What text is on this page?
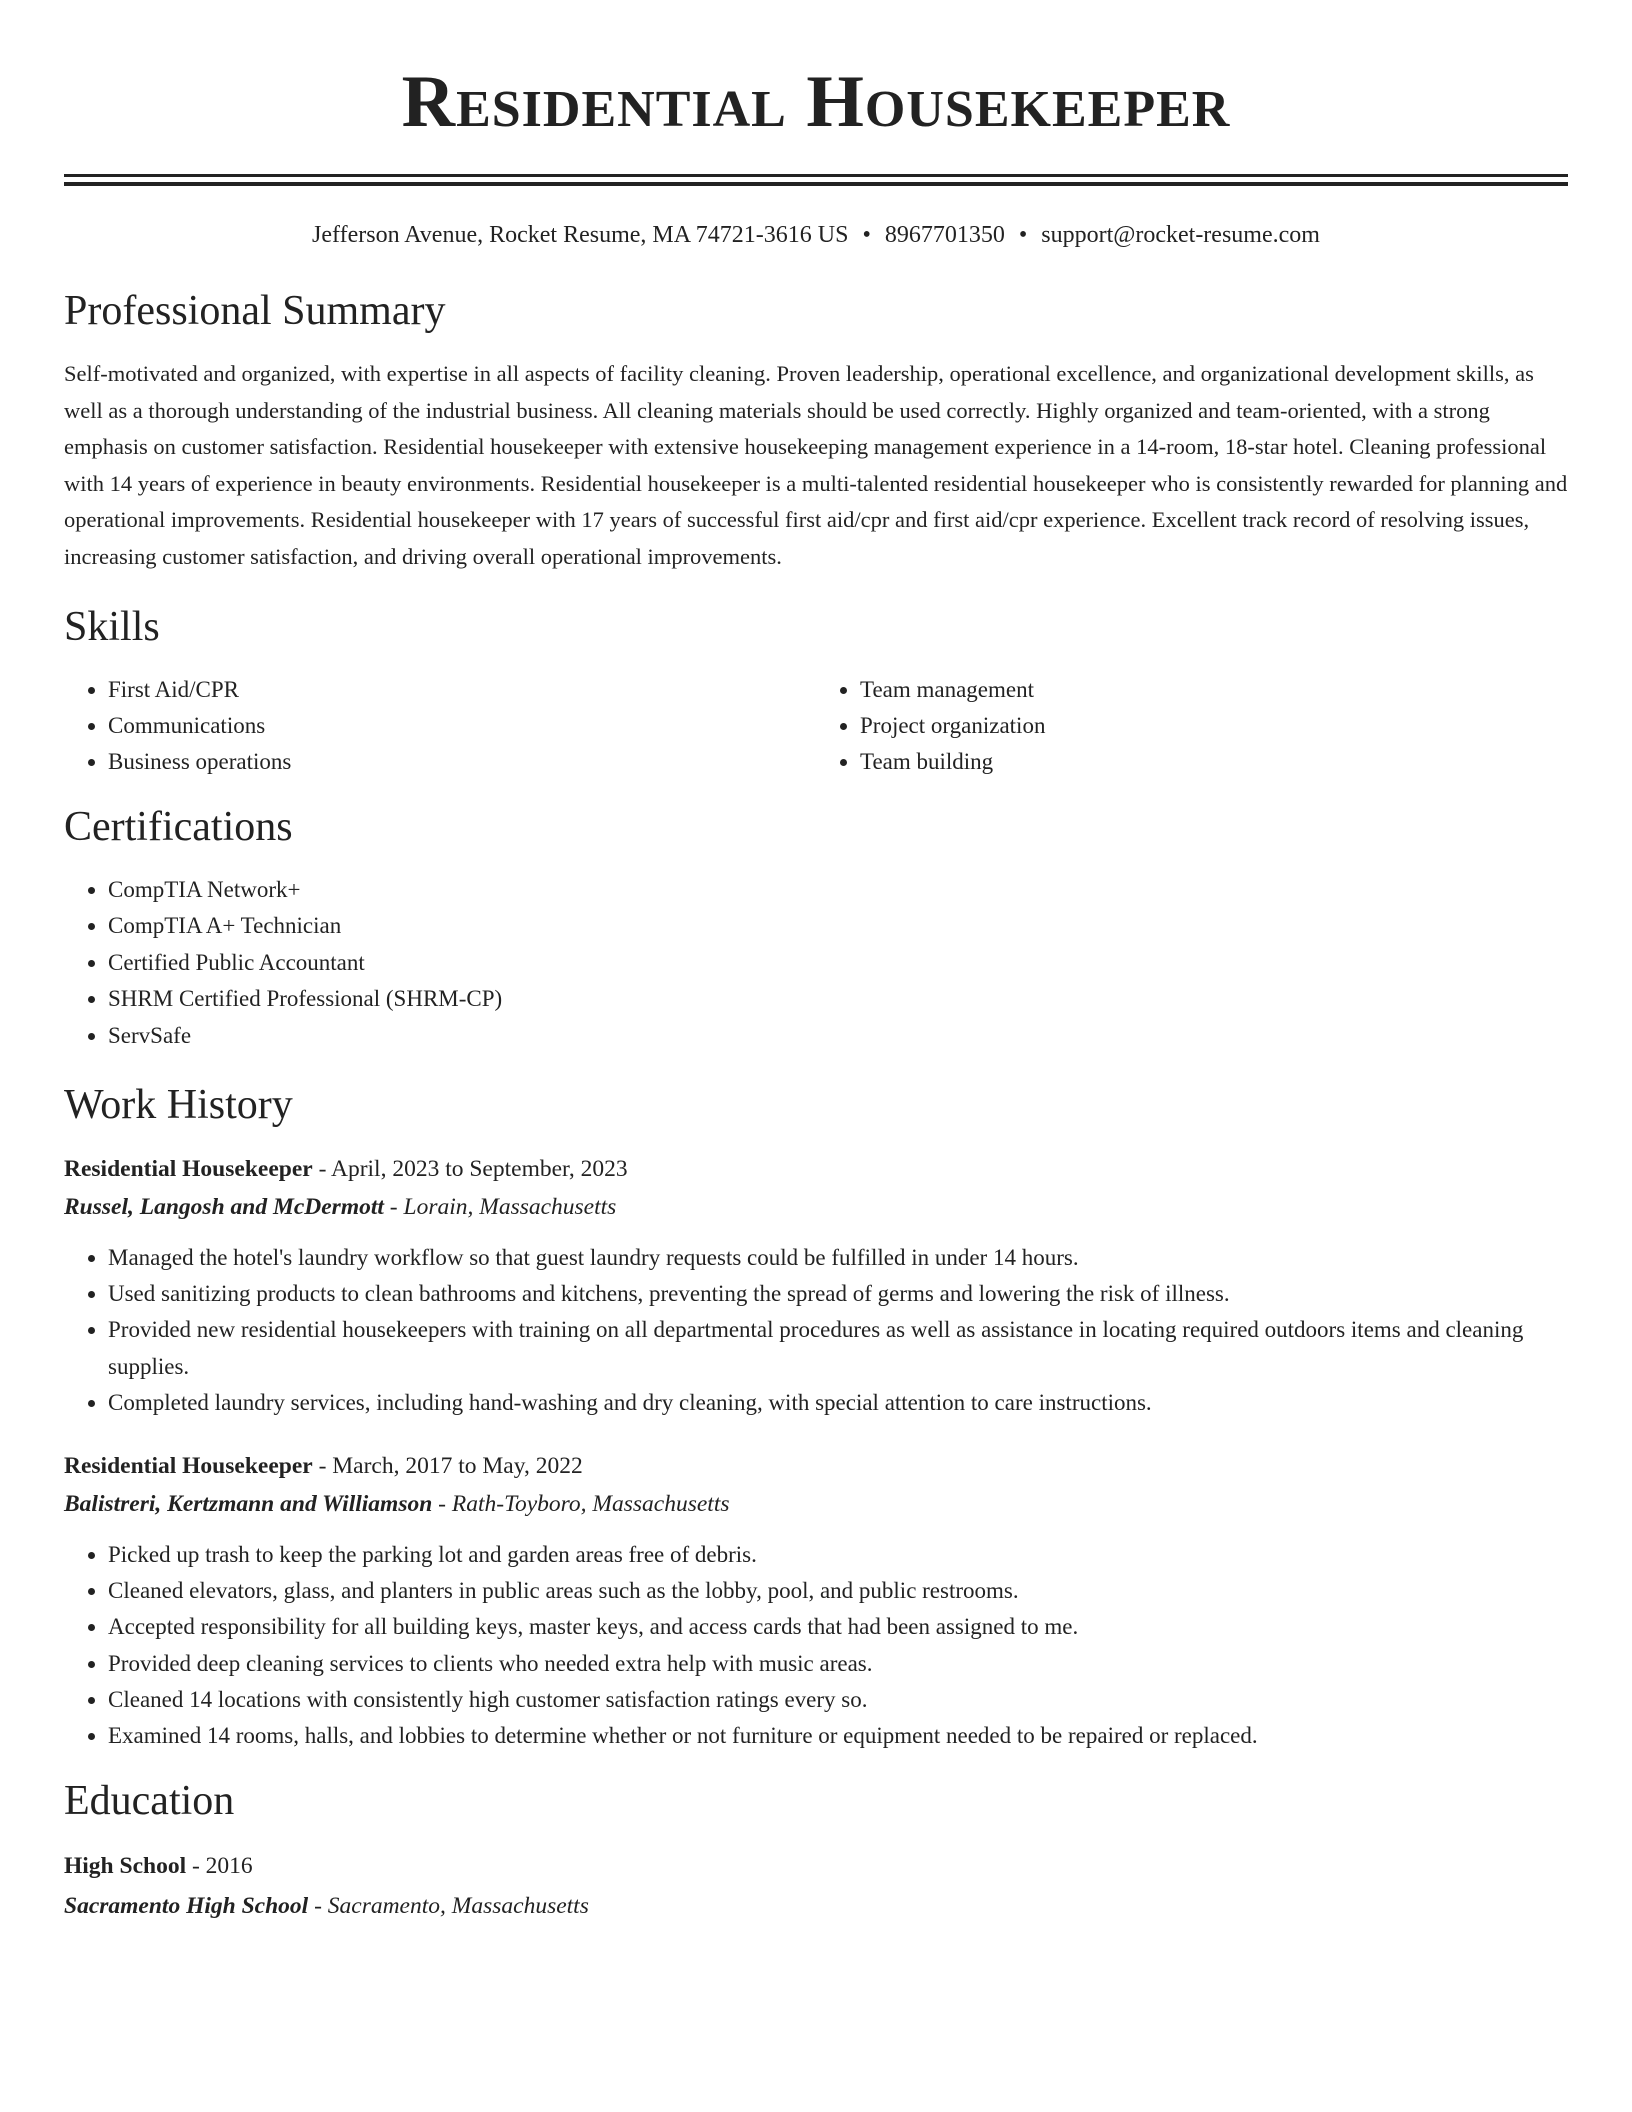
Residential Housekeeper
Jefferson Avenue, Rocket Resume, MA 74721-3616 US • 8967701350 • support@rocket-resume.com
Professional Summary
Self-motivated and organized, with expertise in all aspects of facility cleaning. Proven leadership, operational excellence, and organizational development skills, as well as a thorough understanding of the industrial business. All cleaning materials should be used correctly. Highly organized and team-oriented, with a strong emphasis on customer satisfaction. Residential housekeeper with extensive housekeeping management experience in a 14-room, 18-star hotel. Cleaning professional with 14 years of experience in beauty environments. Residential housekeeper is a multi-talented residential housekeeper who is consistently rewarded for planning and operational improvements. Residential housekeeper with 17 years of successful first aid/cpr and first aid/cpr experience. Excellent track record of resolving issues, increasing customer satisfaction, and driving overall operational improvements.
Skills
• First Aid/CPR
• Communications
• Business operations
• Team management
• Project organization
• Team building
Certifications
• CompTIA Network+
• CompTIA A+ Technician
• Certified Public Accountant
• SHRM Certified Professional (SHRM-CP)
• ServSafe
Work History
Residential Housekeeper - April, 2023 to September, 2023
Russel, Langosh and McDermott - Lorain, Massachusetts
• Managed the hotel's laundry workflow so that guest laundry requests could be fulfilled in under 14 hours.
• Used sanitizing products to clean bathrooms and kitchens, preventing the spread of germs and lowering the risk of illness.
• Provided new residential housekeepers with training on all departmental procedures as well as assistance in locating required outdoors items and cleaning supplies.
• Completed laundry services, including hand-washing and dry cleaning, with special attention to care instructions.
Residential Housekeeper - March, 2017 to May, 2022
Balistreri, Kertzmann and Williamson - Rath-Toyboro, Massachusetts
• Picked up trash to keep the parking lot and garden areas free of debris.
• Cleaned elevators, glass, and planters in public areas such as the lobby, pool, and public restrooms.
• Accepted responsibility for all building keys, master keys, and access cards that had been assigned to me.
• Provided deep cleaning services to clients who needed extra help with music areas.
• Cleaned 14 locations with consistently high customer satisfaction ratings every so.
• Examined 14 rooms, halls, and lobbies to determine whether or not furniture or equipment needed to be repaired or replaced.
Education
High School - 2016
Sacramento High School - Sacramento, Massachusetts
